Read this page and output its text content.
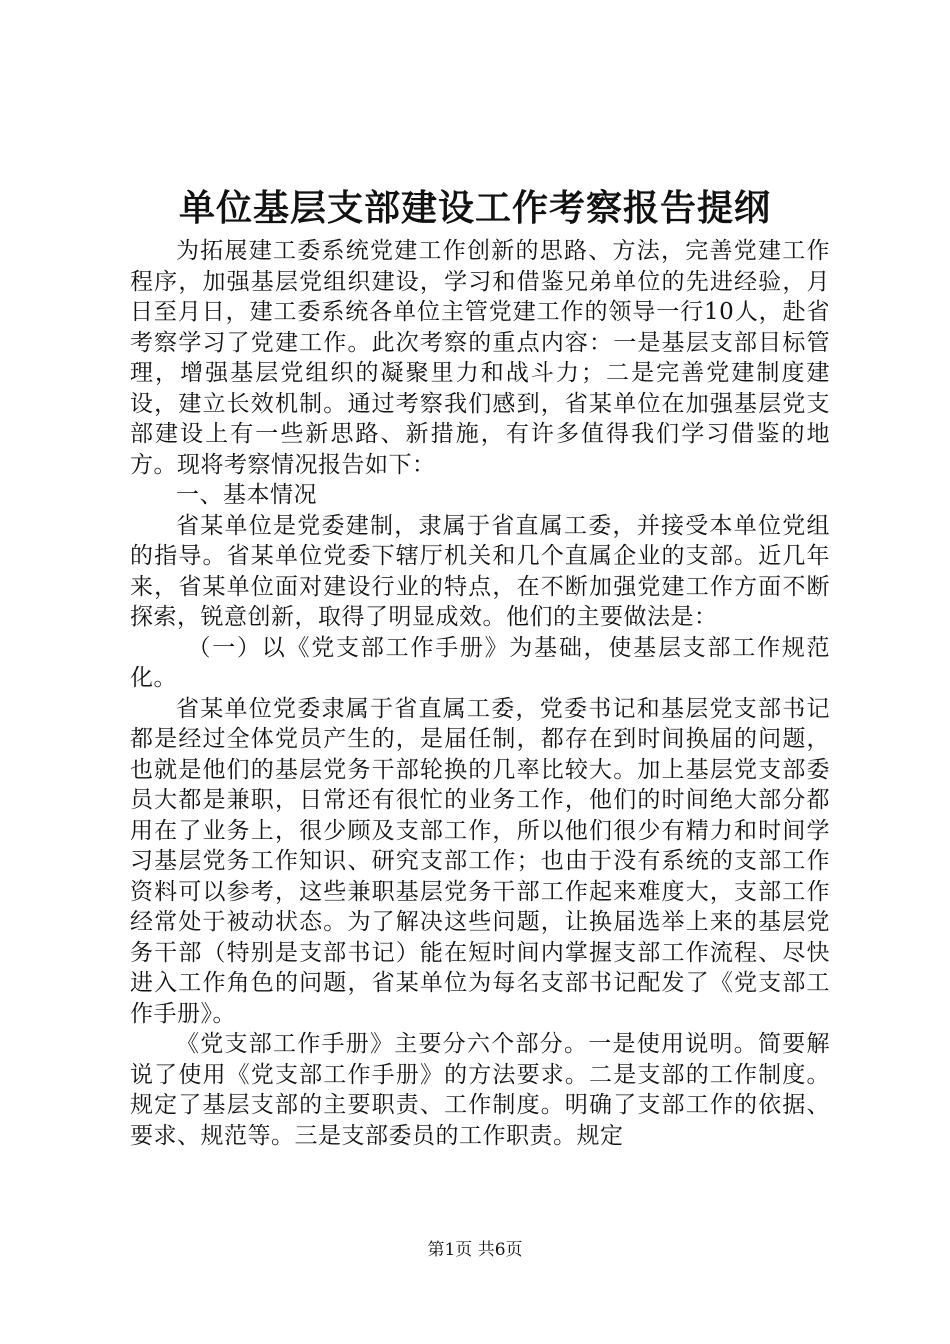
单位基层支部建设工作考察报告提纲

为拓展建工委系统党建工作创新的思路、方法，完善党建工作程序，加强基层党组织建设，学习和借鉴兄弟单位的先进经验，月日至月日，建工委系统各单位主管党建工作的领导一行10人，赴省考察学习了党建工作。此次考察的重点内容：一是基层支部目标管理，增强基层党组织的凝聚里力和战斗力；二是完善党建制度建设，建立长效机制。通过考察我们感到，省某单位在加强基层党支部建设上有一些新思路、新措施，有许多值得我们学习借鉴的地方。现将考察情况报告如下：

一、基本情况

省某单位是党委建制，隶属于省直属工委，并接受本单位党组的指导。省某单位党委下辖厅机关和几个直属企业的支部。近几年来，省某单位面对建设行业的特点，在不断加强党建工作方面不断探索，锐意创新，取得了明显成效。他们的主要做法是：

（一）以《党支部工作手册》为基础，使基层支部工作规范化。

省某单位党委隶属于省直属工委，党委书记和基层党支部书记都是经过全体党员产生的，是届任制，都存在到时间换届的问题，也就是他们的基层党务干部轮换的几率比较大。加上基层党支部委员大都是兼职，日常还有很忙的业务工作，他们的时间绝大部分都用在了业务上，很少顾及支部工作，所以他们很少有精力和时间学习基层党务工作知识、研究支部工作；也由于没有系统的支部工作资料可以参考，这些兼职基层党务干部工作起来难度大，支部工作经常处于被动状态。为了解决这些问题，让换届选举上来的基层党务干部（特别是支部书记）能在短时间内掌握支部工作流程、尽快进入工作角色的问题，省某单位为每名支部书记配发了《党支部工作手册》。

《党支部工作手册》主要分六个部分。一是使用说明。简要解说了使用《党支部工作手册》的方法要求。二是支部的工作制度。规定了基层支部的主要职责、工作制度。明确了支部工作的依据、要求、规范等。三是支部委员的工作职责。规定

第1页 共6页
